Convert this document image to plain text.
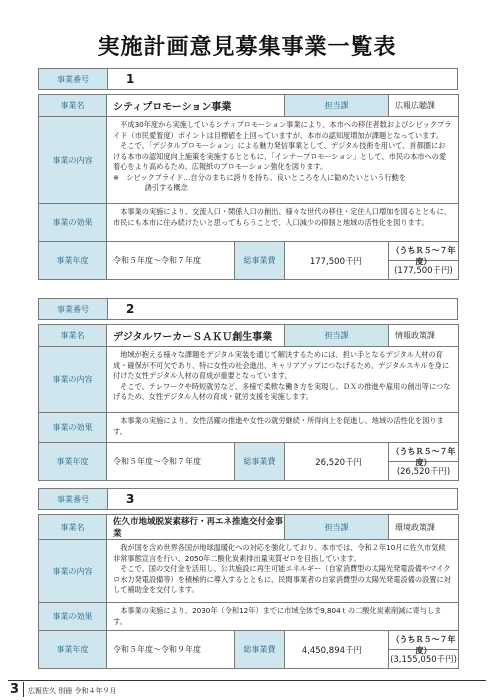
実施計画意見募集事業一覧表
事業番号	1
事業名	シティプロモーション事業		担当課	広報広聴課
事業の内容	平成30年度から実施しているシティプロモーション事業により、本市への移住者数およびシビックプライド（市民愛着度）ポイントは目標値を上回っていますが、本市の認知度増加が課題となっています。

そこで、「デジタルプロモーション」による魅力発信事業として、デジタル技術を用いて、首都圏における本市の認知度向上施策を実施するとともに、「インナープロモーション」として、市民の本市への愛着心をより高めるため、広報紙のプロモーション強化を図ります。

※　シビックプライド…自分のまちに誇りを持ち、良いところを人に勧めたいという行動を

誘引する概念			

事業の効果	本事業の実施により、交流人口・関係人口の創出、様々な世代の移住・定住人口増加を図るとともに、市民にも本市に住み続けたいと思ってもらうことで、人口減少の抑制と地域の活性化を図ります。			

事業年度	令和５年度～令和７年度	総事業費	177,500千円	（うちＲ５～７年度）
(177,500千円)
事業番号	2
事業名	デジタルワーカーＳＡＫＵ創生事業		担当課	情報政策課
事業の内容	地域が抱える様々な課題をデジタル実装を通じて解決するためには、担い手となるデジタル人材の育成・確保が不可欠であり、特に女性の社会進出、キャリアアップにつなげるため、デジタルスキルを身に付けた女性デジタル人材の育成が重要となっています。

そこで、テレワークや時短就労など、多様で柔軟な働き方を実現し、ＤＸの推進や雇用の創出等につなげるため、女性デジタル人材の育成・就労支援を実施します。			

事業の効果	本事業の実施により、女性活躍の推進や女性の就労継続・所得向上を促進し、地域の活性化を図ります。			

事業年度	令和５年度～令和７年度	総事業費	26,520千円	（うちＲ５～７年度）
(26,520千円)
事業番号	3
事業名	佐久市地域脱炭素移行・再エネ推進交付金事業		担当課	環境政策課
事業の内容	我が国を含め世界各国が地球温暖化への対応を強化しており、本市では、令和２年10月に佐久市気候非常事態宣言を行い、2050年二酸化炭素排出量実質ゼロを目指しています。

そこで、国の交付金を活用し、公共施設に再生可能エネルギー（自家消費型の太陽光発電設備やマイクロ水力発電設備等）を積極的に導入するとともに、民間事業者の自家消費型の太陽光発電設備の設置に対して補助金を交付します。			

事業の効果	本事業の実施により、2030年（令和12年）までに市域全体で9,804ｔの二酸化炭素削減に寄与します。			

事業年度	令和５年度～令和９年度	総事業費	4,450,894千円	（うちＲ５～７年度）
(3,155,050千円)
3	広報佐久 別冊 令和４年９月
